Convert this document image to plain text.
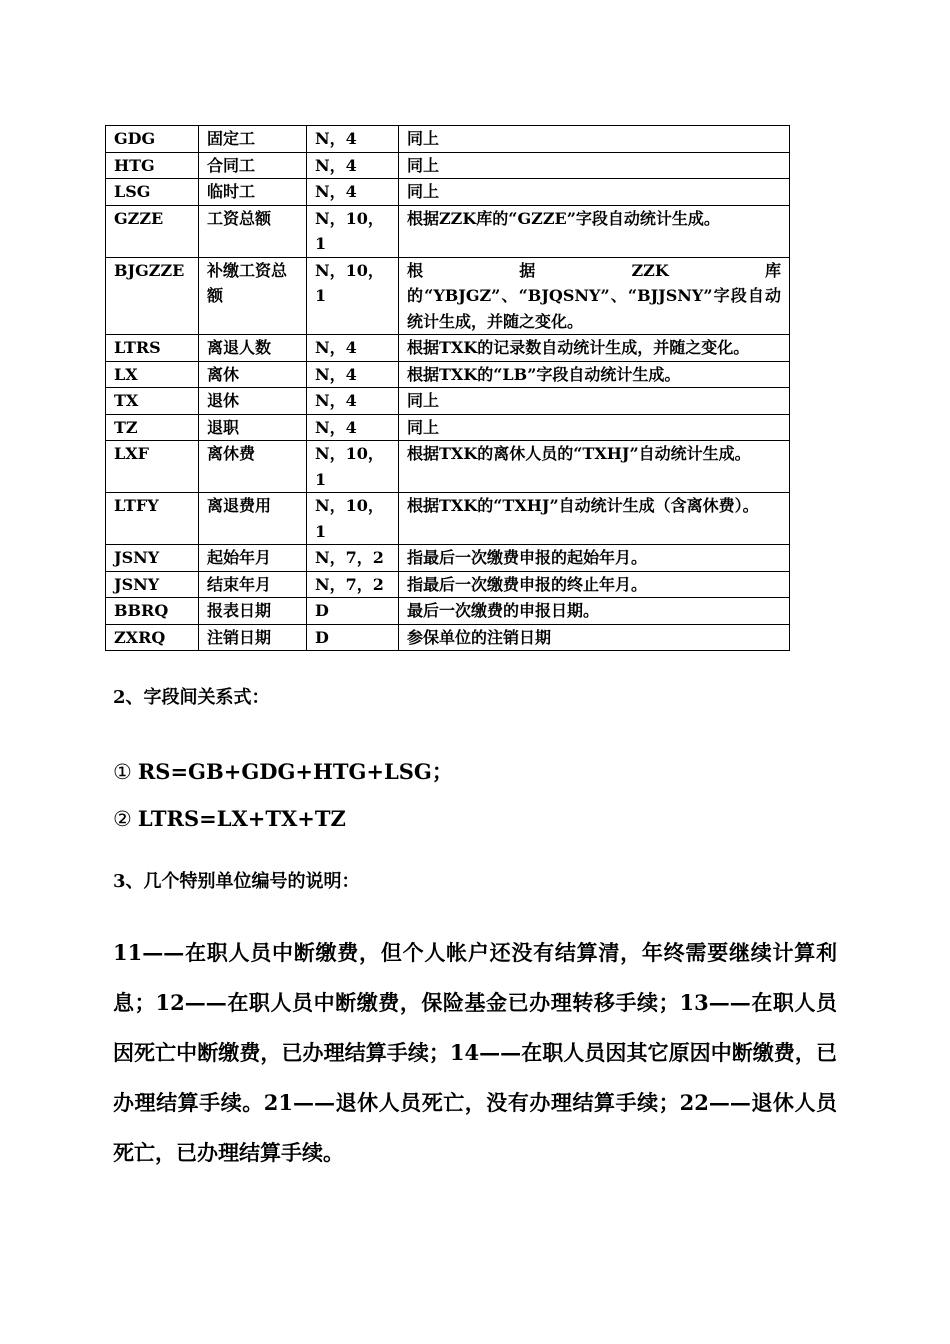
GDG	固定工	N，4	同上
HTG	合同工	N，4	同上
LSG	临时工	N，4	同上
GZZE	工资总额	N，10，1	根据ZZK库的“GZZE”字段自动统计生成。
BJGZZE	补缴工资总额	N，10，1	根据ZZK库的“YBJGZ”、“BJQSNY”、“BJJSNY”字段自动统计生成，并随之变化。
LTRS	离退人数	N，4	根据TXK的记录数自动统计生成，并随之变化。
LX	离休	N，4	根据TXK的“LB”字段自动统计生成。
TX	退休	N，4	同上
TZ	退职	N，4	同上
LXF	离休费	N，10，1	根据TXK的离休人员的“TXHJ”自动统计生成。
LTFY	离退费用	N，10，1	根据TXK的“TXHJ”自动统计生成（含离休费）。
JSNY	起始年月	N，7，2	指最后一次缴费申报的起始年月。
JSNY	结束年月	N，7，2	指最后一次缴费申报的终止年月。
BBRQ	报表日期	D	最后一次缴费的申报日期。
ZXRQ	注销日期	D	参保单位的注销日期
2、字段间关系式：
① RS=GB+GDG+HTG+LSG；
② LTRS=LX+TX+TZ
3、几个特别单位编号的说明：
11——在职人员中断缴费，但个人帐户还没有结算清，年终需要继续计算利息；12——在职人员中断缴费，保险基金已办理转移手续；13——在职人员因死亡中断缴费，已办理结算手续；14——在职人员因其它原因中断缴费，已办理结算手续。21——退休人员死亡，没有办理结算手续；22——退休人员死亡，已办理结算手续。
